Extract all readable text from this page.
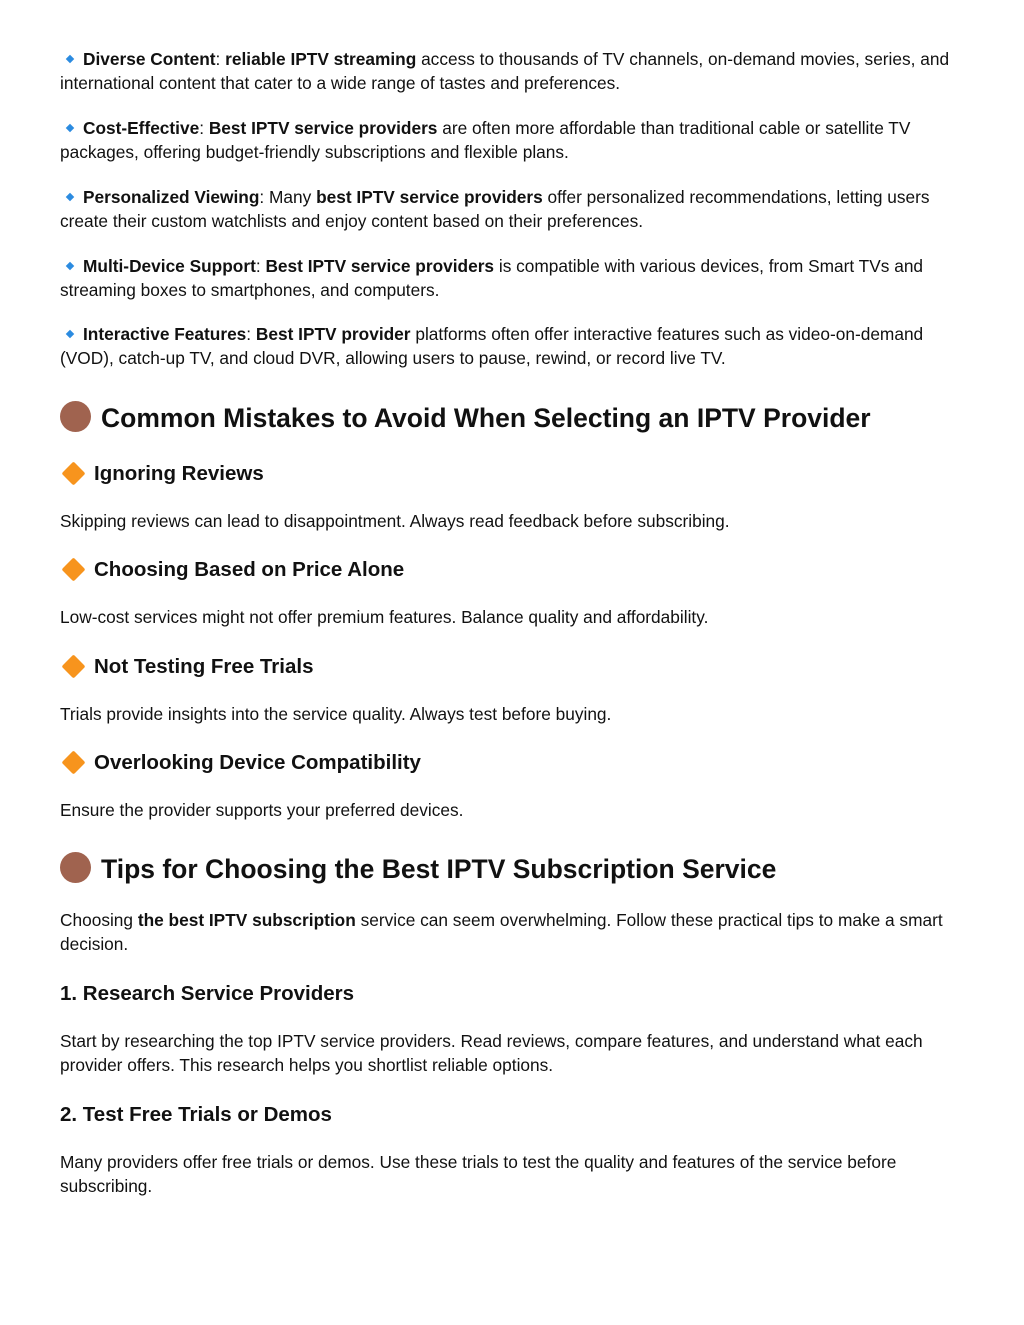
Diverse Content: reliable IPTV streaming access to thousands of TV channels, on-demand movies, series, and international content that cater to a wide range of tastes and preferences.

Cost-Effective: Best IPTV service providers are often more affordable than traditional cable or satellite TV packages, offering budget-friendly subscriptions and flexible plans.

Personalized Viewing: Many best IPTV service providers offer personalized recommendations, letting users create their custom watchlists and enjoy content based on their preferences.

Multi-Device Support: Best IPTV service providers is compatible with various devices, from Smart TVs and streaming boxes to smartphones, and computers.

Interactive Features: Best IPTV provider platforms often offer interactive features such as video-on-demand (VOD), catch-up TV, and cloud DVR, allowing users to pause, rewind, or record live TV.

Common Mistakes to Avoid When Selecting an IPTV Provider
Ignoring Reviews

Skipping reviews can lead to disappointment. Always read feedback before subscribing.

Choosing Based on Price Alone

Low-cost services might not offer premium features. Balance quality and affordability.

Not Testing Free Trials

Trials provide insights into the service quality. Always test before buying.

Overlooking Device Compatibility

Ensure the provider supports your preferred devices.

Tips for Choosing the Best IPTV Subscription Service

Choosing the best IPTV subscription service can seem overwhelming. Follow these practical tips to make a smart decision.

1. Research Service Providers

Start by researching the top IPTV service providers. Read reviews, compare features, and understand what each provider offers. This research helps you shortlist reliable options.

2. Test Free Trials or Demos

Many providers offer free trials or demos. Use these trials to test the quality and features of the service before subscribing.
